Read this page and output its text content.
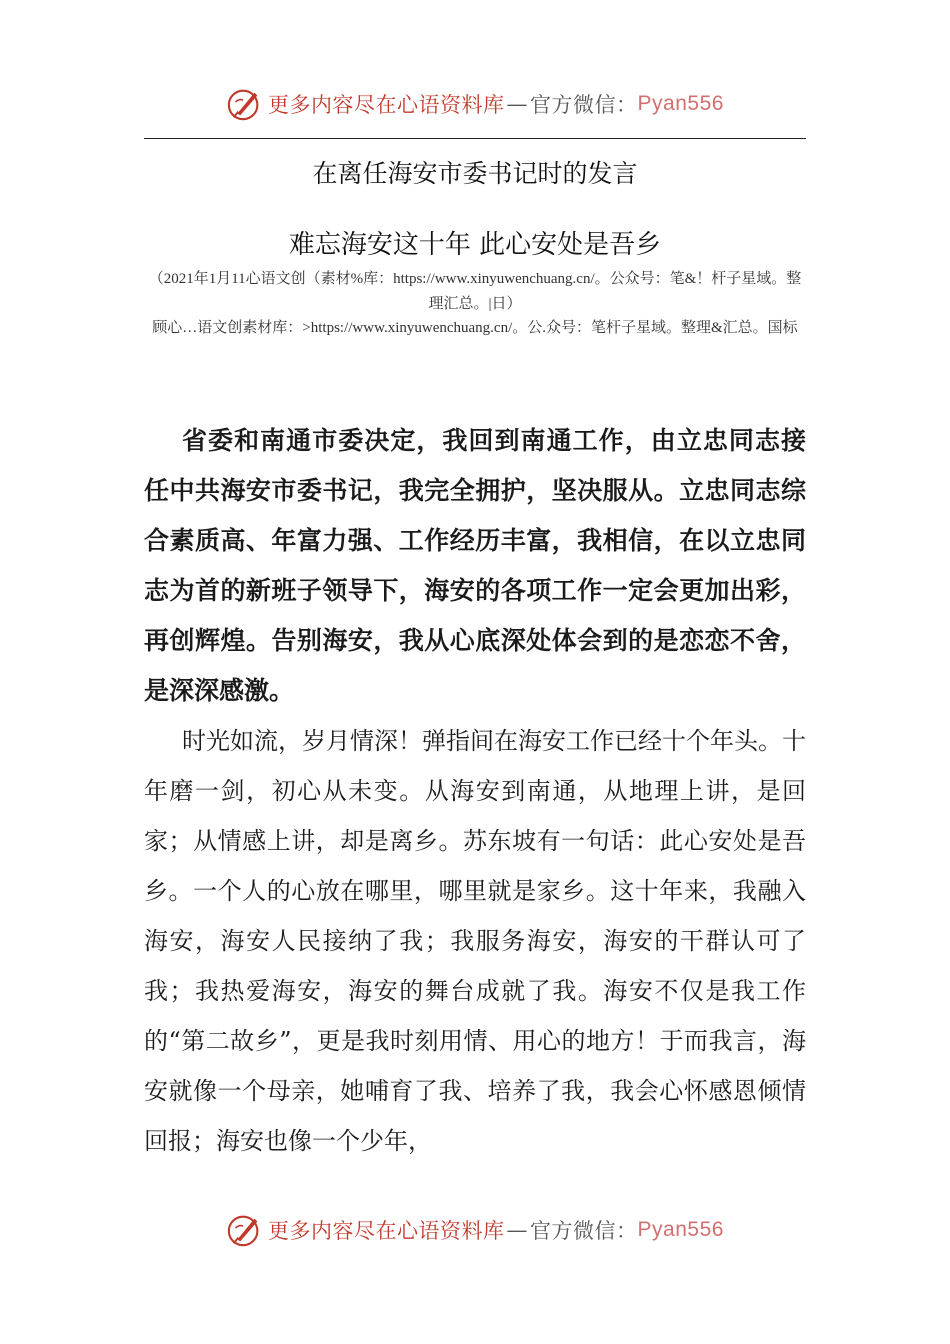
更多内容尽在心语资料库 — 官方微信： Pyan556
在离任海安市委书记时的发言
难忘海安这十年 此心安处是吾乡
（2021年1月11心语文创（素材%库：https://www.xinyuwenchuang.cn/。公众号：笔&！杆子星域。整理汇总。|日）
顾心…语文创素材库：>https://www.xinyuwenchuang.cn/。公.众号：笔杆子星域。整理&汇总。国标

省委和南通市委决定，我回到南通工作，由立忠同志接任中共海安市委书记，我完全拥护，坚决服从。立忠同志综合素质高、年富力强、工作经历丰富，我相信，在以立忠同志为首的新班子领导下，海安的各项工作一定会更加出彩，再创辉煌。告别海安，我从心底深处体会到的是恋恋不舍，是深深感激。

时光如流，岁月情深！弹指间在海安工作已经十个年头。十年磨一剑，初心从未变。从海安到南通，从地理上讲，是回家；从情感上讲，却是离乡。苏东坡有一句话：此心安处是吾乡。一个人的心放在哪里，哪里就是家乡。这十年来，我融入海安，海安人民接纳了我；我服务海安，海安的干群认可了我；我热爱海安，海安的舞台成就了我。海安不仅是我工作的“第二故乡”，更是我时刻用情、用心的地方！于而我言，海安就像一个母亲，她哺育了我、培养了我，我会心怀感恩倾情回报；海安也像一个少年，

更多内容尽在心语资料库 — 官方微信： Pyan556
